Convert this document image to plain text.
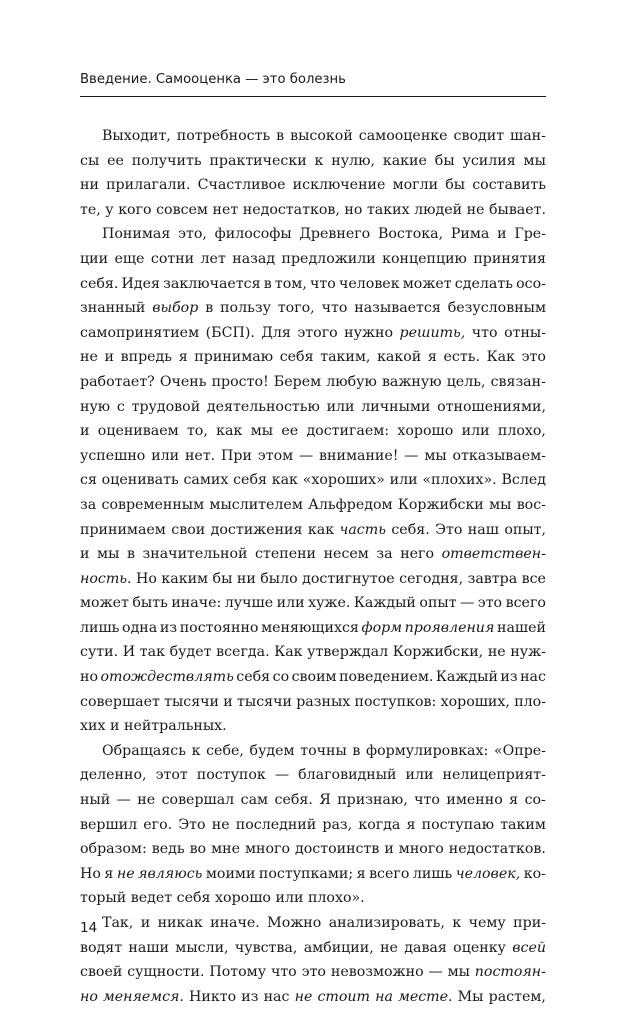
Введение. Самооценка — это болезнь
Выходит, потребность в высокой самооценке сводит шан-
сы ее получить практически к нулю, какие бы усилия мы
ни прилагали. Счастливое исключение могли бы составить
те, у кого совсем нет недостатков, но таких людей не бывает.
Понимая это, философы Древнего Востока, Рима и Гре-
ции еще сотни лет назад предложили концепцию принятия
себя. Идея заключается в том, что человек может сделать осо-
знанный выбор в пользу того, что называется безусловным
самопринятием (БСП). Для этого нужно решить, что отны-
не и впредь я принимаю себя таким, какой я есть. Как это
работает? Очень просто! Берем любую важную цель, связан-
ную с трудовой деятельностью или личными отношениями,
и оцениваем то, как мы ее достигаем: хорошо или плохо,
успешно или нет. При этом — внимание! — мы отказываем-
ся оценивать самих себя как «хороших» или «плохих». Вслед
за современным мыслителем Альфредом Коржибски мы вос-
принимаем свои достижения как часть себя. Это наш опыт,
и мы в значительной степени несем за него ответствен-
ность. Но каким бы ни было достигнутое сегодня, завтра все
может быть иначе: лучше или хуже. Каждый опыт — это всего
лишь одна из постоянно меняющихся форм проявления нашей
сути. И так будет всегда. Как утверждал Коржибски, не нуж-
но отождествлять себя со своим поведением. Каждый из нас
совершает тысячи и тысячи разных поступков: хороших, пло-
хих и нейтральных.
Обращаясь к себе, будем точны в формулировках: «Опре-
деленно, этот поступок — благовидный или нелицеприят-
ный — не совершал сам себя. Я признаю, что именно я со-
вершил его. Это не последний раз, когда я поступаю таким
образом: ведь во мне много достоинств и много недостатков.
Но я не являюсь моими поступками; я всего лишь человек, ко-
торый ведет себя хорошо или плохо».
Так, и никак иначе. Можно анализировать, к чему при-
водят наши мысли, чувства, амбиции, не давая оценку всей
своей сущности. Потому что это невозможно — мы постоян-
но меняемся. Никто из нас не стоит на месте. Мы растем,
14
